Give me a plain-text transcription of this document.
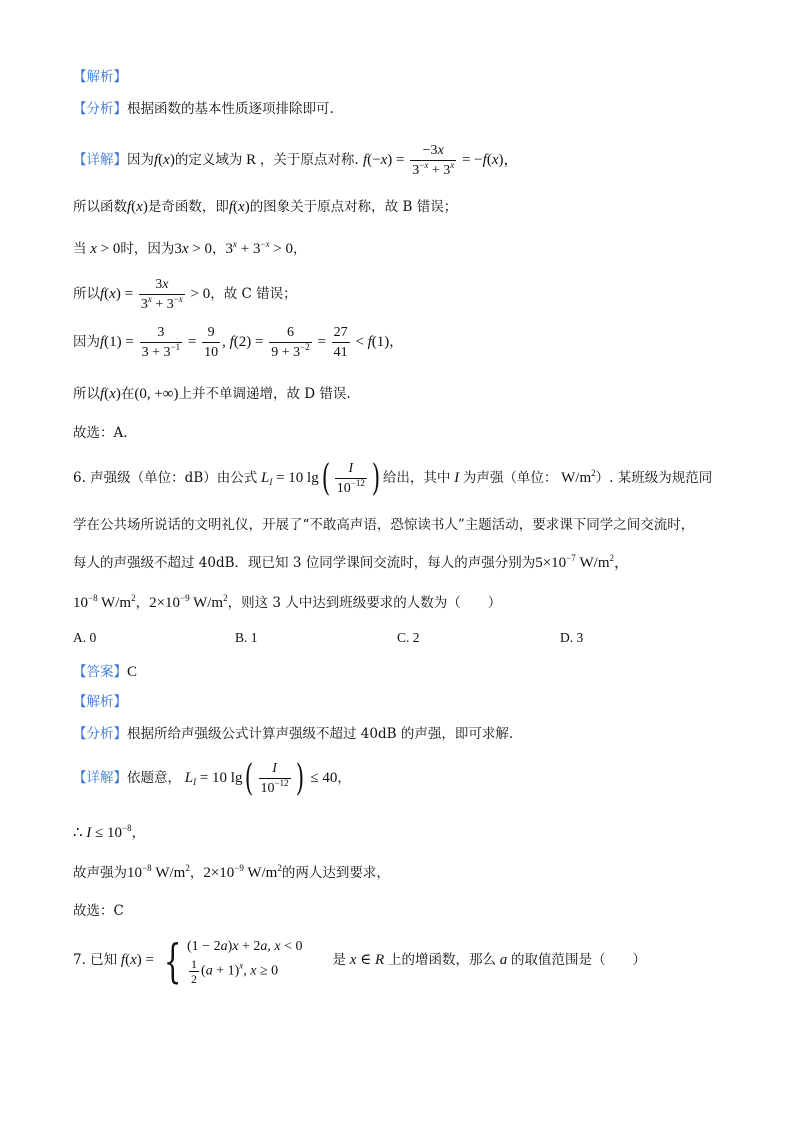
【解析】
【分析】根据函数的基本性质逐项排除即可.
【详解】因为f(x)的定义域为 R ，关于原点对称. $f(-x) = \frac{-3x}{3^{-x} + 3^x} = -f(x)$，
所以函数f(x)是奇函数，即f(x)的图象关于原点对称，故 B 错误；
当 x > 0时，因为3x > 0，$3^x + 3^{-x} > 0$，
所以$f(x) = \frac{3x}{3^x + 3^{-x}} > 0$，故 C 错误；
因为$f(1) = \frac{3}{3 + 3^{-1}} = \frac{9}{10}$ , $f(2) = \frac{6}{9 + 3^{-2}} = \frac{27}{41} < f(1)$，
所以f(x)在(0, +∞)上并不单调递增，故 D 错误.
故选：A.
6. 声强级（单位：dB）由公式 $L_I = 10$ $\lg( \frac{I}{10^{-12}}$ ) 给出，其中 I 为声强（单位： $W/m^2$）. 某班级为规范同
学在公共场所说话的文明礼仪，开展了“不敢高声语，恐惊读书人”主题活动，要求课下同学之间交流时，
每人的声强级不超过 40dB．现已知 3 位同学课间交流时，每人的声强分别为$5\times 10^{-7}$ $W/m^2$，
$10^{-8}$ $W/m^2$，$2\times 10^{-9}$ $W/m^2$，则这 3 人中达到班级要求的人数为（　　）
A. 0	B. 1	C. 2	D. 3
【答案】C
【解析】
【分析】根据所给声强级公式计算声强级不超过 40dB 的声强，即可求解.
【详解】依题意， $L_I = 10$ $\lg( \frac{I}{10^{-12}}$ ) ≤ 40，
∴ $I \le 10^{-8}$，
故声强为$10^{-8}$ $W/m^2$，$2\times 10^{-9}$ $W/m^2$的两人达到要求，
故选：C
7. 已知 f(x) = { (1 − 2a)x + 2a, x < 0
$\frac{1}{2} (a + 1)^x$, x ≥ 0
是 x ∈ R 上的增函数，那么 a 的取值范围是（　　）
